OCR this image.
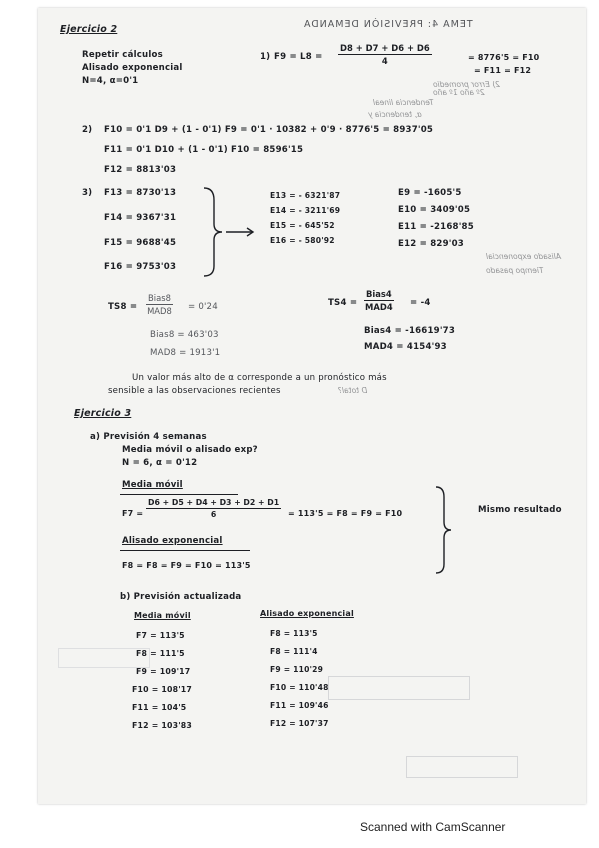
TEMA 4: PREVISIÓN DEMANDA
2) Error promedio
2º año 1º año
Tendencia lineal
α, tendencia y
Alisado exponencial
Tiempo pasado
D total?
Ejercicio 2
Repetir cálculos
Alisado exponencial
N=4, α=0'1
1) $F9 = L8 = \frac{D8 + D7 + D6 + D6}{4}$	= 8776'5 = F10
= F11 = F12
2) F10 = 0'1 D9 + (1 - 0'1) F9 = 0'1 · 10382 + 0'9 · 8776'5 = 8937'05
F11 = 0'1 D10 + (1 - 0'1) F10 = 8596'15
F12 = 8813'03
3) F13 = 8730'13
F14 = 9367'31
F15 = 9688'45
F16 = 9753'03
E13 = - 6321'87
E14 = - 3211'69
E15 = - 645'52
E16 = - 580'92
E9 = -1605'5
E10 = 3409'05
E11 = -2168'85
E12 = 829'03
TS8 =
Bias8
MAD8 = 0'24
Bias8 = 463'03
MAD8 = 1913'1
TS4 =
Bias4
MAD4 = -4
Bias4 = -16619'73
MAD4 = 4154'93
Un valor más alto de α corresponde a un pronóstico más
sensible a las observaciones recientes
Ejercicio 3
a) Previsión 4 semanas
Media móvil o alisado exp?
N = 6, α = 0'12
Media móvil
$F7 = \frac{D6 + D5 + D4 + D3 + D2 + D1}{6} = 113'5 = F8 = F9 = F10$
Alisado exponencial
F8 = F8 = F9 = F10 = 113'5
Mismo resultado
b) Previsión actualizada
Media móvil	Alisado exponencial
F7 = 113'5
F8 = 111'5
F9 = 109'17
F10 = 108'17
F11 = 104'5
F12 = 103'83
F8 = 113'5
F8 = 111'4
F9 = 110'29
F10 = 110'48
F11 = 109'46
F12 = 107'37
Scanned with CamScanner
